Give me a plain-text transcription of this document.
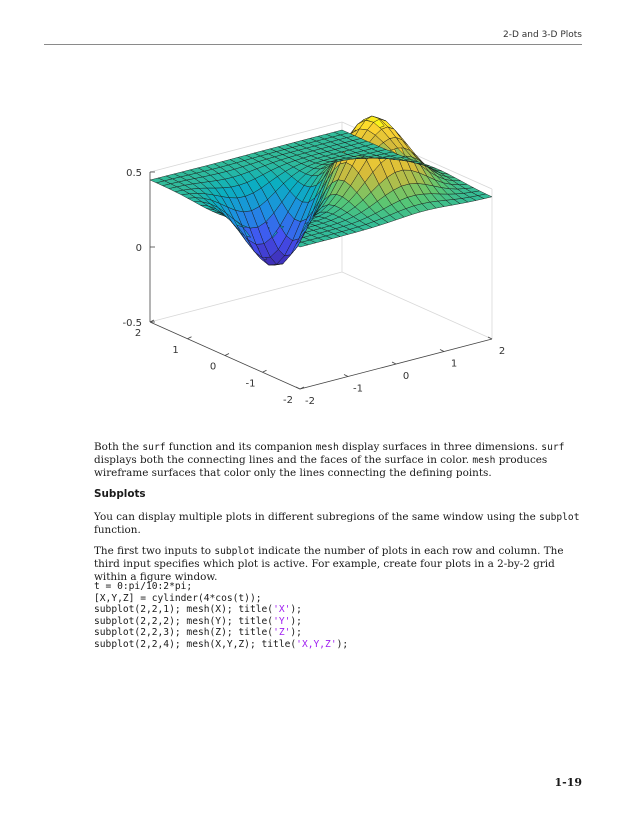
2-D and 3-D Plots
0.5
0
-0.5
2
1
0
-1
-2 -2
-1
0
1
2

Both the surf function and its companion mesh display surfaces in three dimensions. surf displays both the connecting lines and the faces of the surface in color. mesh produces wireframe surfaces that color only the lines connecting the defining points.

Subplots

You can display multiple plots in different subregions of the same window using the subplot function.

The first two inputs to subplot indicate the number of plots in each row and column. The third input specifies which plot is active. For example, create four plots in a 2-by-2 grid within a figure window.

t = 0:pi/10:2*pi;
[X,Y,Z] = cylinder(4*cos(t));
subplot(2,2,1); mesh(X); title('X');
subplot(2,2,2); mesh(Y); title('Y');
subplot(2,2,3); mesh(Z); title('Z');
subplot(2,2,4); mesh(X,Y,Z); title('X,Y,Z');
1-19
